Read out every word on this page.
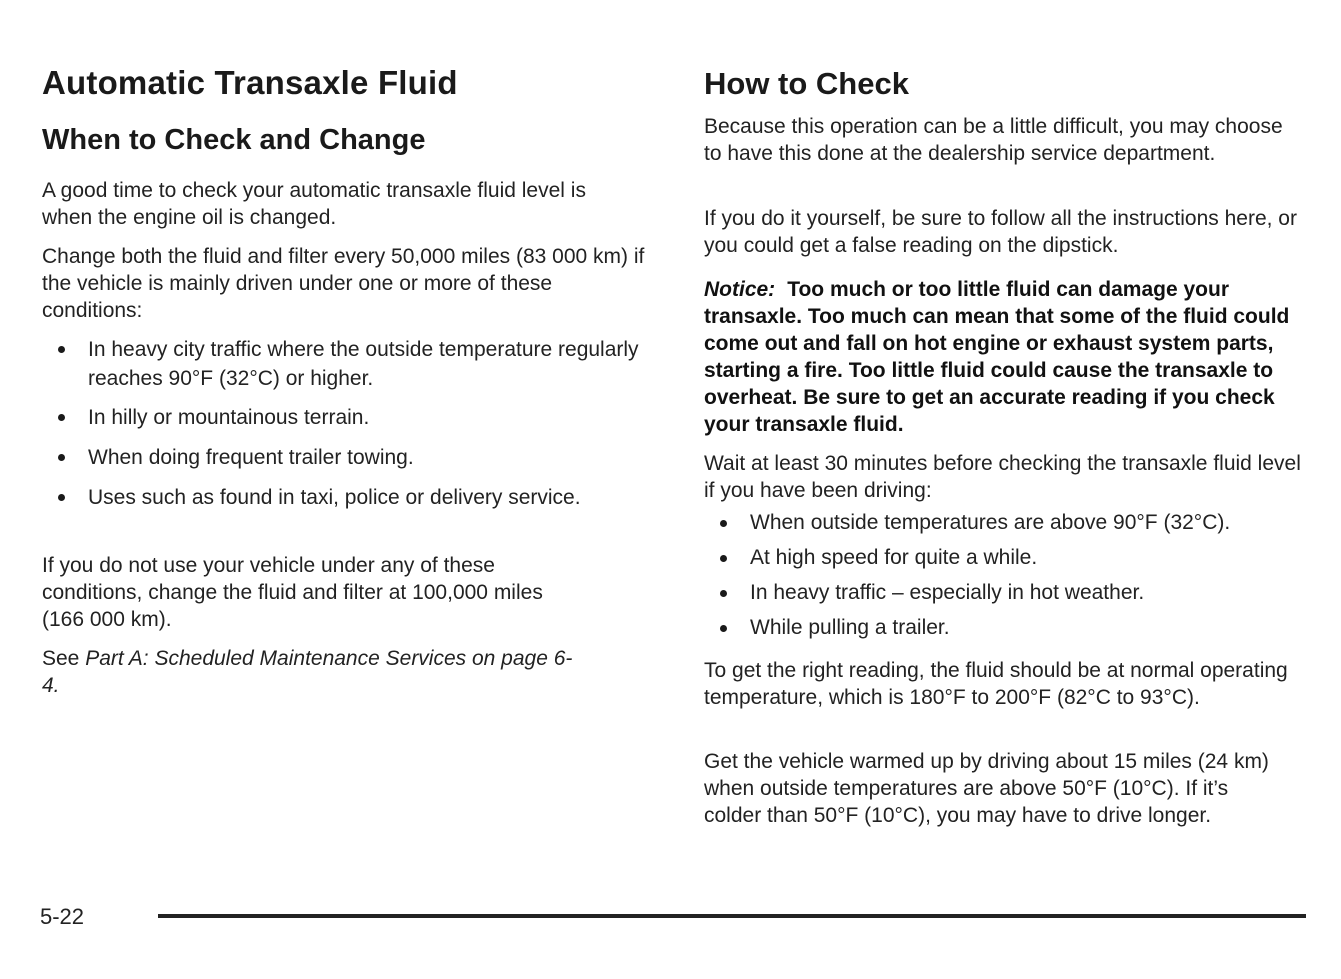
Automatic Transaxle Fluid
When to Check and Change

A good time to check your automatic transaxle fluid level is when the engine oil is changed.

Change both the fluid and filter every 50,000 miles (83 000 km) if the vehicle is mainly driven under one or more of these conditions:

In heavy city traffic where the outside temperature regularly reaches 90°F (32°C) or higher.
In hilly or mountainous terrain.
When doing frequent trailer towing.
Uses such as found in taxi, police or delivery service.

If you do not use your vehicle under any of these conditions, change the fluid and filter at 100,000 miles (166 000 km).

See Part A: Scheduled Maintenance Services on page 6-4.

How to Check

Because this operation can be a little difficult, you may choose to have this done at the dealership service department.

If you do it yourself, be sure to follow all the instructions here, or you could get a false reading on the dipstick.

Notice: Too much or too little fluid can damage your transaxle. Too much can mean that some of the fluid could come out and fall on hot engine or exhaust system parts, starting a fire. Too little fluid could cause the transaxle to overheat. Be sure to get an accurate reading if you check your transaxle fluid.

Wait at least 30 minutes before checking the transaxle fluid level if you have been driving:

When outside temperatures are above 90°F (32°C).
At high speed for quite a while.
In heavy traffic – especially in hot weather.
While pulling a trailer.

To get the right reading, the fluid should be at normal operating temperature, which is 180°F to 200°F (82°C to 93°C).

Get the vehicle warmed up by driving about 15 miles (24 km) when outside temperatures are above 50°F (10°C). If it’s colder than 50°F (10°C), you may have to drive longer.

5-22
